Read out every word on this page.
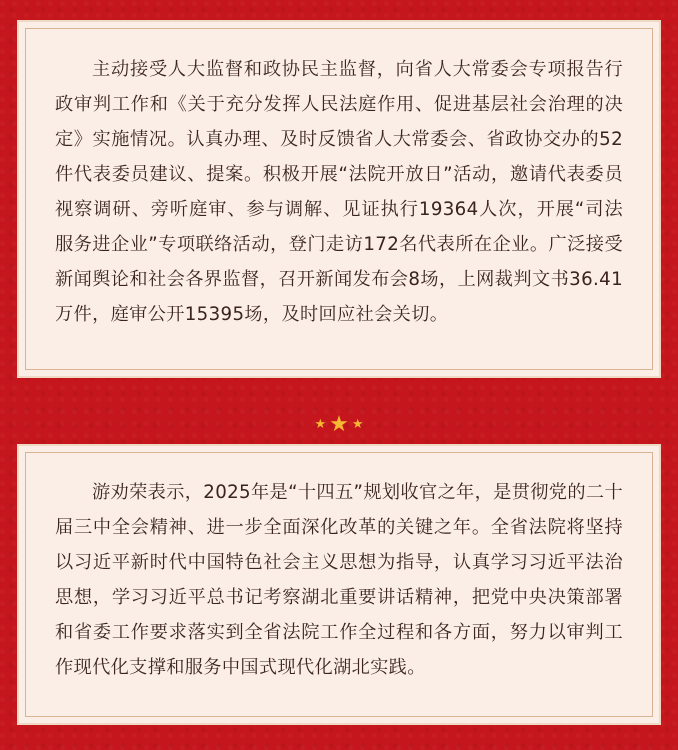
主动接受人大监督和政协民主监督，向省人大常委会专项报告行政审判工作和《关于充分发挥人民法庭作用、促进基层社会治理的决定》实施情况。认真办理、及时反馈省人大常委会、省政协交办的52件代表委员建议、提案。积极开展“法院开放日”活动，邀请代表委员视察调研、旁听庭审、参与调解、见证执行19364人次，开展“司法服务进企业”专项联络活动，登门走访172名代表所在企业。广泛接受新闻舆论和社会各界监督，召开新闻发布会8场，上网裁判文书36.41万件，庭审公开15395场，及时回应社会关切。

★ ★ ★

游劝荣表示，2025年是“十四五”规划收官之年，是贯彻党的二十届三中全会精神、进一步全面深化改革的关键之年。全省法院将坚持以习近平新时代中国特色社会主义思想为指导，认真学习习近平法治思想，学习习近平总书记考察湖北重要讲话精神，把党中央决策部署和省委工作要求落实到全省法院工作全过程和各方面，努力以审判工作现代化支撑和服务中国式现代化湖北实践。
